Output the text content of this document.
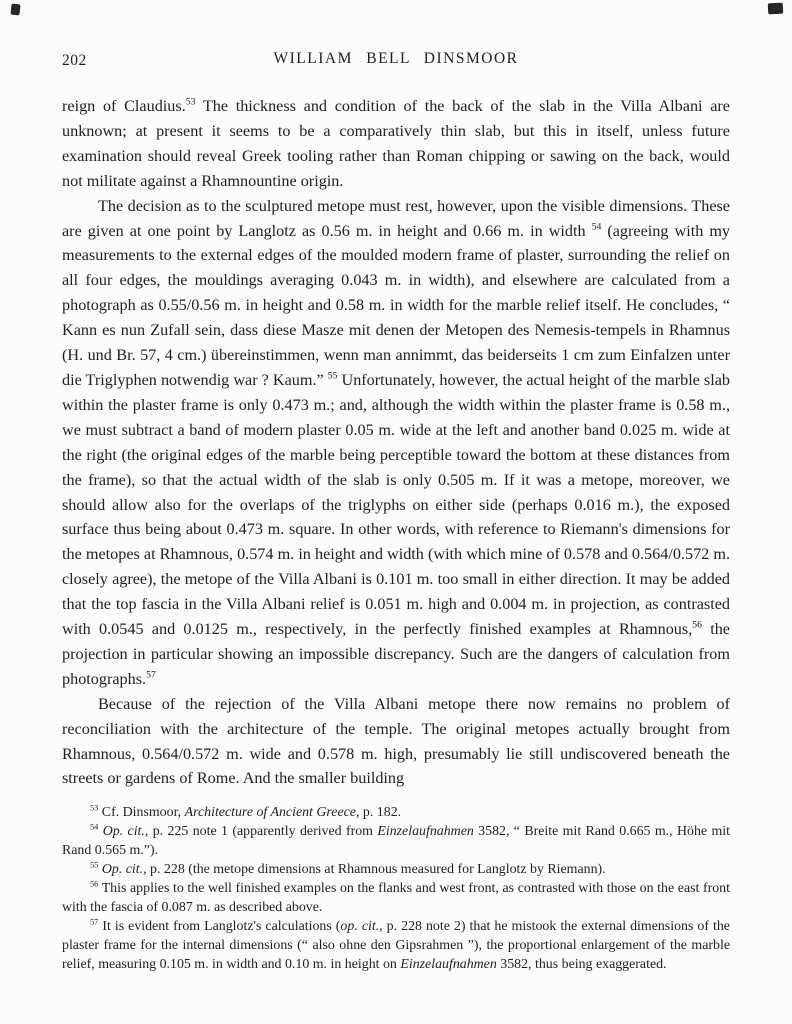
202	WILLIAM BELL DINSMOOR

reign of Claudius.$^{53}$ The thickness and condition of the back of the slab in the Villa Albani are unknown; at present it seems to be a comparatively thin slab, but this in itself, unless future examination should reveal Greek tooling rather than Roman chipping or sawing on the back, would not militate against a Rhamnountine origin.

The decision as to the sculptured metope must rest, however, upon the visible dimensions. These are given at one point by Langlotz as 0.56 m. in height and 0.66 m. in width $^{54}$ (agreeing with my measurements to the external edges of the moulded modern frame of plaster, surrounding the relief on all four edges, the mouldings averaging 0.043 m. in width), and elsewhere are calculated from a photograph as 0.55/0.56 m. in height and 0.58 m. in width for the marble relief itself. He concludes, “ Kann es nun Zufall sein, dass diese Masze mit denen der Metopen des Nemesis-tempels in Rhamnus (H. und Br. 57, 4 cm.) übereinstimmen, wenn man annimmt, das beiderseits 1 cm zum Einfalzen unter die Triglyphen notwendig war ? Kaum.” $^{55}$ Unfortunately, however, the actual height of the marble slab within the plaster frame is only 0.473 m.; and, although the width within the plaster frame is 0.58 m., we must subtract a band of modern plaster 0.05 m. wide at the left and another band 0.025 m. wide at the right (the original edges of the marble being perceptible toward the bottom at these distances from the frame), so that the actual width of the slab is only 0.505 m. If it was a metope, moreover, we should allow also for the overlaps of the triglyphs on either side (perhaps 0.016 m.), the exposed surface thus being about 0.473 m. square. In other words, with reference to Riemann's dimensions for the metopes at Rhamnous, 0.574 m. in height and width (with which mine of 0.578 and 0.564/0.572 m. closely agree), the metope of the Villa Albani is 0.101 m. too small in either direction. It may be added that the top fascia in the Villa Albani relief is 0.051 m. high and 0.004 m. in projection, as contrasted with 0.0545 and 0.0125 m., respectively, in the perfectly finished examples at Rhamnous,$^{56}$ the projection in particular showing an impossible discrepancy. Such are the dangers of calculation from photographs.$^{57}$

Because of the rejection of the Villa Albani metope there now remains no problem of reconciliation with the architecture of the temple. The original metopes actually brought from Rhamnous, 0.564/0.572 m. wide and 0.578 m. high, presumably lie still undiscovered beneath the streets or gardens of Rome. And the smaller building

$^{53}$ Cf. Dinsmoor, Architecture of Ancient Greece, p. 182.

$^{54}$ Op. cit., p. 225 note 1 (apparently derived from Einzelaufnahmen 3582, “ Breite mit Rand 0.665 m., Höhe mit Rand 0.565 m.”).

$^{55}$ Op. cit., p. 228 (the metope dimensions at Rhamnous measured for Langlotz by Riemann).

$^{56}$ This applies to the well finished examples on the flanks and west front, as contrasted with those on the east front with the fascia of 0.087 m. as described above.

$^{57}$ It is evident from Langlotz's calculations (op. cit., p. 228 note 2) that he mistook the external dimensions of the plaster frame for the internal dimensions (“ also ohne den Gipsrahmen ”), the proportional enlargement of the marble relief, measuring 0.105 m. in width and 0.10 m. in height on Einzelaufnahmen 3582, thus being exaggerated.
